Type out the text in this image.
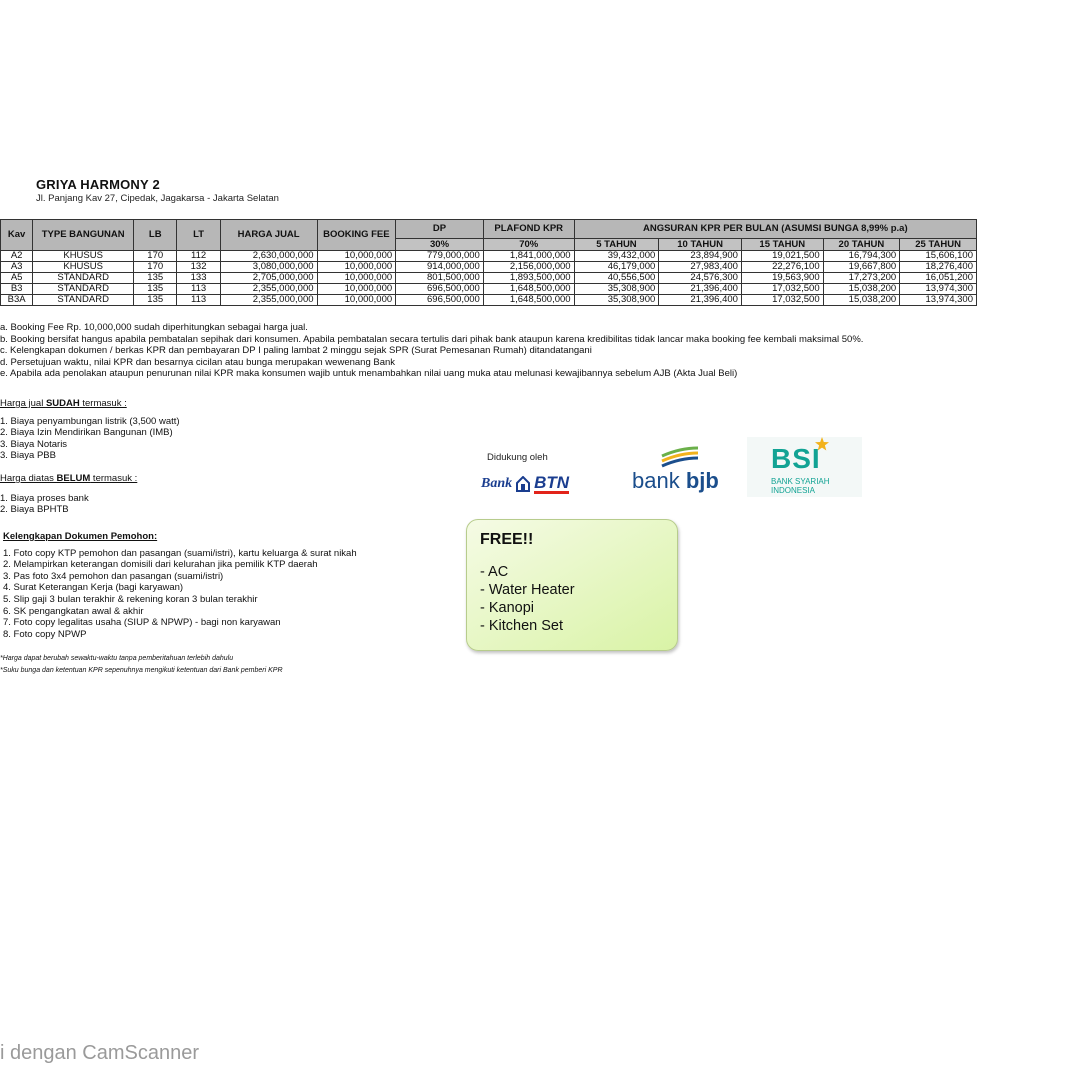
GRIYA HARMONY 2
Jl. Panjang Kav 27, Cipedak, Jagakarsa - Jakarta Selatan
Kav	TYPE BANGUNAN	LB	LT	HARGA JUAL	BOOKING FEE	DP	PLAFOND KPR	ANGSURAN KPR PER BULAN (ASUMSI BUNGA 8,99% p.a)				
						30%	70%	5 TAHUN	10 TAHUN	15 TAHUN	20 TAHUN	25 TAHUN
A2	KHUSUS	170	112	2,630,000,000	10,000,000	779,000,000	1,841,000,000	39,432,000	23,894,900	19,021,500	16,794,300	15,606,100
A3	KHUSUS	170	132	3,080,000,000	10,000,000	914,000,000	2,156,000,000	46,179,000	27,983,400	22,276,100	19,667,800	18,276,400
A5	STANDARD	135	133	2,705,000,000	10,000,000	801,500,000	1,893,500,000	40,556,500	24,576,300	19,563,900	17,273,200	16,051,200
B3	STANDARD	135	113	2,355,000,000	10,000,000	696,500,000	1,648,500,000	35,308,900	21,396,400	17,032,500	15,038,200	13,974,300
B3A	STANDARD	135	113	2,355,000,000	10,000,000	696,500,000	1,648,500,000	35,308,900	21,396,400	17,032,500	15,038,200	13,974,300
a. Booking Fee Rp. 10,000,000 sudah diperhitungkan sebagai harga jual.
b. Booking bersifat hangus apabila pembatalan sepihak dari konsumen. Apabila pembatalan secara tertulis dari pihak bank ataupun karena kredibilitas tidak lancar maka booking fee kembali maksimal 50%.
c. Kelengkapan dokumen / berkas KPR dan pembayaran DP I paling lambat 2 minggu sejak SPR (Surat Pemesanan Rumah) ditandatangani
d. Persetujuan waktu, nilai KPR dan besarnya cicilan atau bunga merupakan wewenang Bank
e. Apabila ada penolakan ataupun penurunan nilai KPR maka konsumen wajib untuk menambahkan nilai uang muka atau melunasi kewajibannya sebelum AJB (Akta Jual Beli)
Harga jual SUDAH termasuk :
1. Biaya penyambungan listrik (3,500 watt)
2. Biaya Izin Mendirikan Bangunan (IMB)
3. Biaya Notaris
3. Biaya PBB
Harga diatas BELUM termasuk :
1. Biaya proses bank
2. Biaya BPHTB
Kelengkapan Dokumen Pemohon:
1. Foto copy KTP pemohon dan pasangan (suami/istri), kartu keluarga & surat nikah
2. Melampirkan keterangan domisili dari kelurahan jika pemilik KTP daerah
3. Pas foto 3x4 pemohon dan pasangan (suami/istri)
4. Surat Keterangan Kerja (bagi karyawan)
5. Slip gaji 3 bulan terakhir & rekening koran 3 bulan terakhir
6. SK pengangkatan awal & akhir
7. Foto copy legalitas usaha (SIUP & NPWP) - bagi non karyawan
8. Foto copy NPWP
*Harga dapat berubah sewaktu-waktu tanpa pemberitahuan terlebih dahulu
*Suku bunga dan ketentuan KPR sepenuhnya mengikuti ketentuan dari Bank pemberi KPR
Didukung oleh
Bank BTN	bank bjb
BSI
BANK SYARIAH INDONESIA
FREE!!
- AC
- Water Heater
- Kanopi
- Kitchen Set
i dengan CamScanner
